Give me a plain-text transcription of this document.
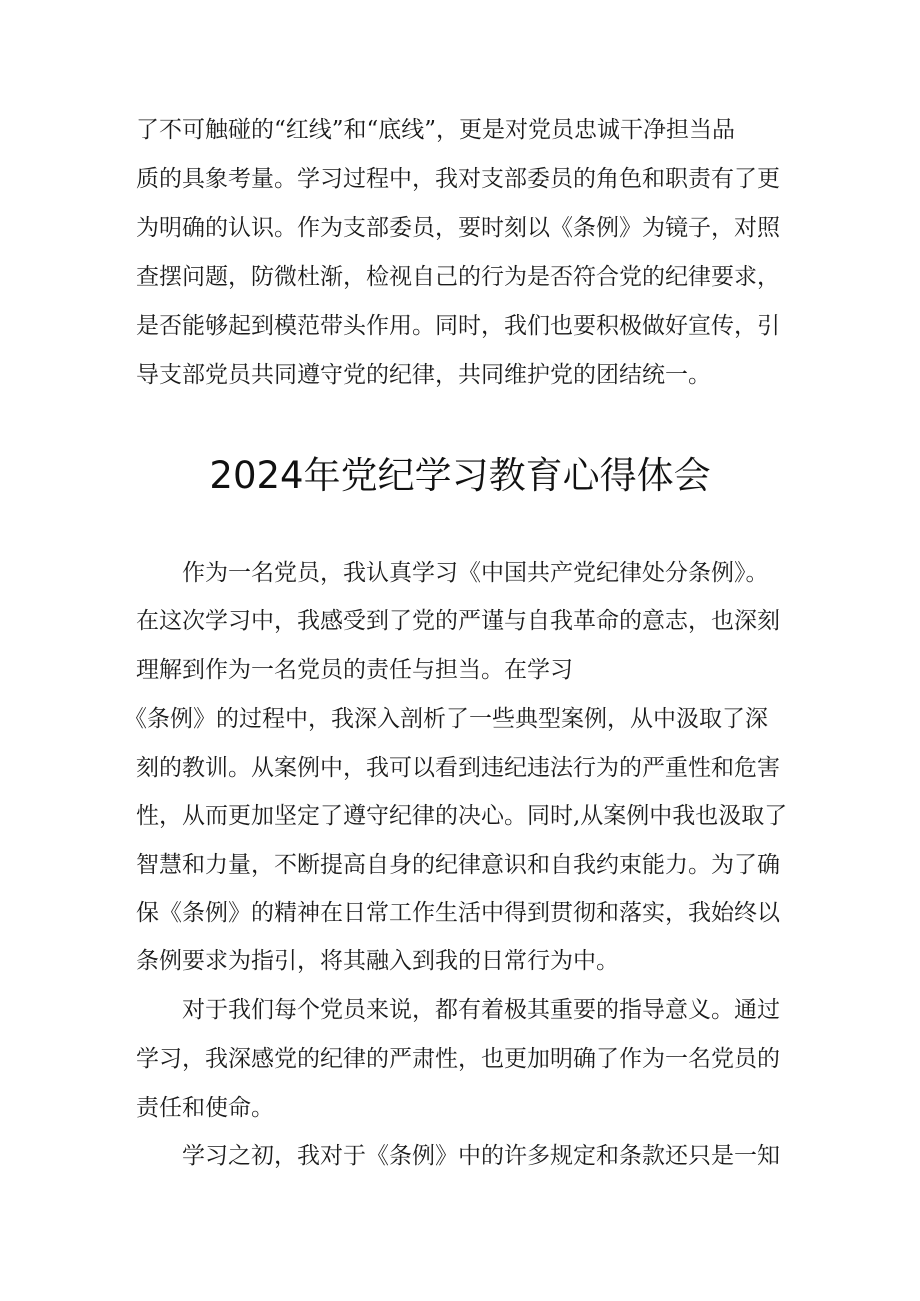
了不可触碰的“红线”和“底线”，更是对党员忠诚干净担当品
质的具象考量。学习过程中，我对支部委员的角色和职责有了更
为明确的认识。作为支部委员，要时刻以《条例》为镜子，对照
查摆问题，防微杜渐，检视自己的行为是否符合党的纪律要求，
是否能够起到模范带头作用。同时，我们也要积极做好宣传，引
导支部党员共同遵守党的纪律，共同维护党的团结统一。
2024年党纪学习教育心得体会
作为一名党员，我认真学习《中国共产党纪律处分条例》。
在这次学习中，我感受到了党的严谨与自我革命的意志，也深刻
理解到作为一名党员的责任与担当。在学习
《条例》的过程中，我深入剖析了一些典型案例，从中汲取了深
刻的教训。从案例中，我可以看到违纪违法行为的严重性和危害
性，从而更加坚定了遵守纪律的决心。同时,从案例中我也汲取了
智慧和力量，不断提高自身的纪律意识和自我约束能力。为了确
保《条例》的精神在日常工作生活中得到贯彻和落实，我始终以
条例要求为指引，将其融入到我的日常行为中。
对于我们每个党员来说，都有着极其重要的指导意义。通过
学习，我深感党的纪律的严肃性，也更加明确了作为一名党员的
责任和使命。
学习之初，我对于《条例》中的许多规定和条款还只是一知
